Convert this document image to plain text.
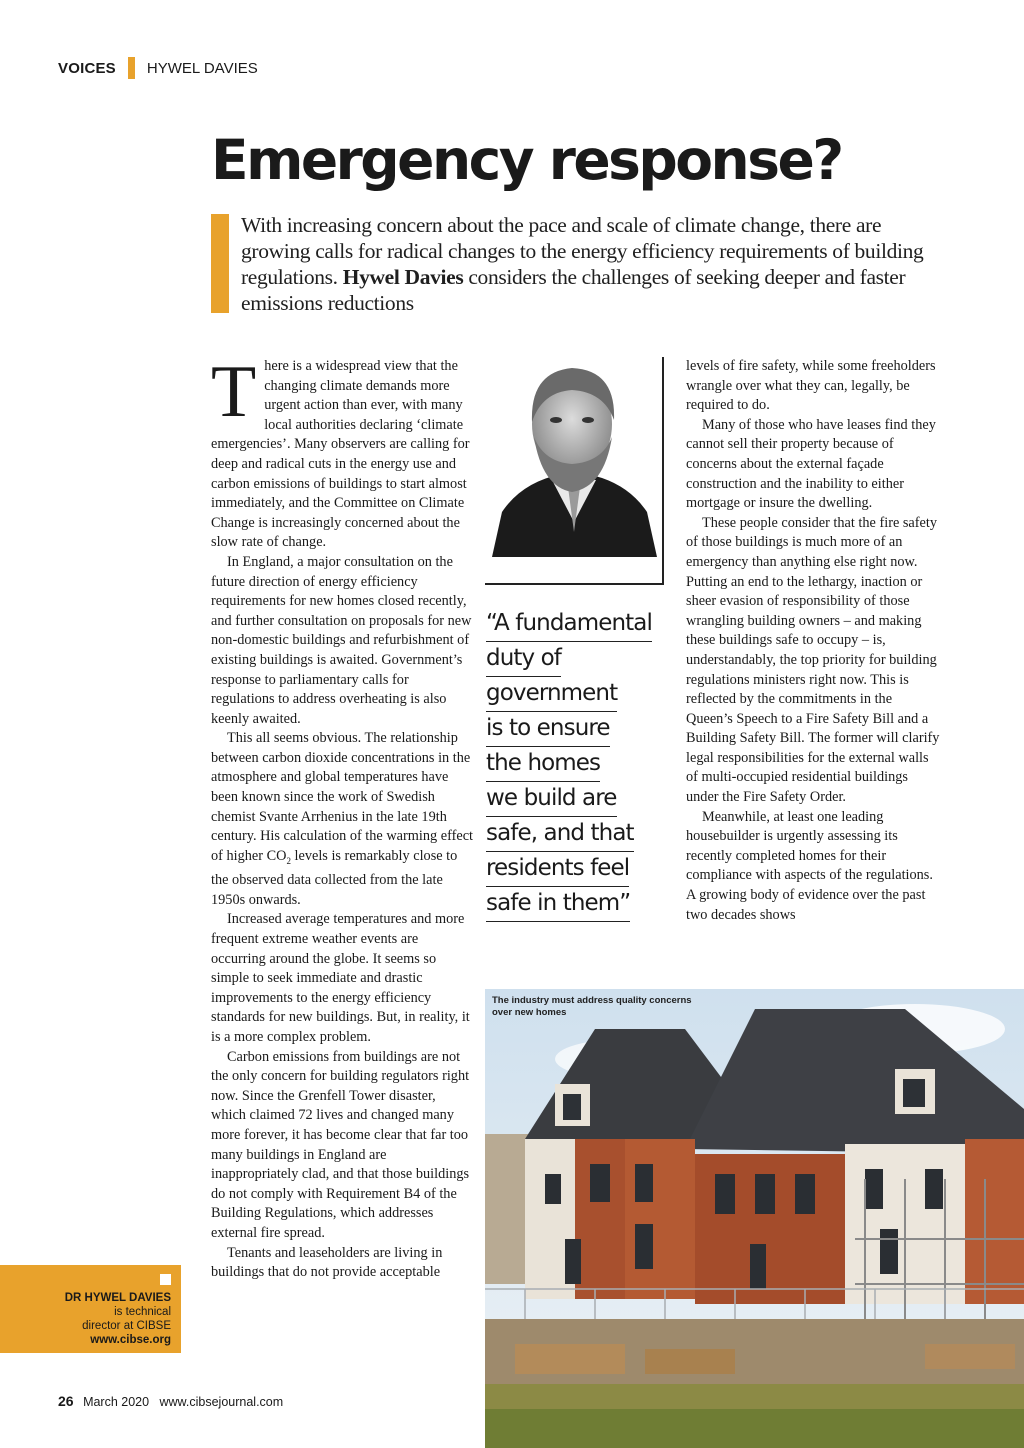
VOICES HYWEL DAVIES
Emergency response?
With increasing concern about the pace and scale of climate change, there are growing calls for radical changes to the energy efficiency requirements of building regulations. Hywel Davies considers the challenges of seeking deeper and faster emissions reductions

There is a widespread view that the changing climate demands more urgent action than ever, with many local authorities declaring ‘climate emergencies’. Many observers are calling for deep and radical cuts in the energy use and carbon emissions of buildings to start almost immediately, and the Committee on Climate Change is increasingly concerned about the slow rate of change.

In England, a major consultation on the future direction of energy efficiency requirements for new homes closed recently, and further consultation on proposals for new non-domestic buildings and refurbishment of existing buildings is awaited. Government’s response to parliamentary calls for regulations to address overheating is also keenly awaited.

This all seems obvious. The relationship between carbon dioxide concentrations in the atmosphere and global temperatures have been known since the work of Swedish chemist Svante Arrhenius in the late 19th century. His calculation of the warming effect of higher $CO_2$ levels is remarkably close to the observed data collected from the late 1950s onwards.

Increased average temperatures and more frequent extreme weather events are occurring around the globe. It seems so simple to seek immediate and drastic improvements to the energy efficiency standards for new buildings. But, in reality, it is a more complex problem.

Carbon emissions from buildings are not the only concern for building regulators right now. Since the Grenfell Tower disaster, which claimed 72 lives and changed many more forever, it has become clear that far too many buildings in England are inappropriately clad, and that those buildings do not comply with Requirement B4 of the Building Regulations, which addresses external fire spread.

Tenants and leaseholders are living in buildings that do not provide acceptable

“A fundamental
duty of
government
is to ensure
the homes
we build are
safe, and that
residents feel
safe in them”

levels of fire safety, while some freeholders wrangle over what they can, legally, be required to do.

Many of those who have leases find they cannot sell their property because of concerns about the external façade construction and the inability to either mortgage or insure the dwelling.

These people consider that the fire safety of those buildings is much more of an emergency than anything else right now. Putting an end to the lethargy, inaction or sheer evasion of responsibility of those wrangling building owners – and making these buildings safe to occupy – is, understandably, the top priority for building regulations ministers right now. This is reflected by the commitments in the Queen’s Speech to a Fire Safety Bill and a Building Safety Bill. The former will clarify legal responsibilities for the external walls of multi-occupied residential buildings under the Fire Safety Order.

Meanwhile, at least one leading housebuilder is urgently assessing its recently completed homes for their compliance with aspects of the regulations. A growing body of evidence over the past two decades shows

The industry must address quality concerns over new homes
DR HYWEL DAVIES
is technical
director at CIBSE
www.cibse.org
26 March 2020 www.cibsejournal.com
